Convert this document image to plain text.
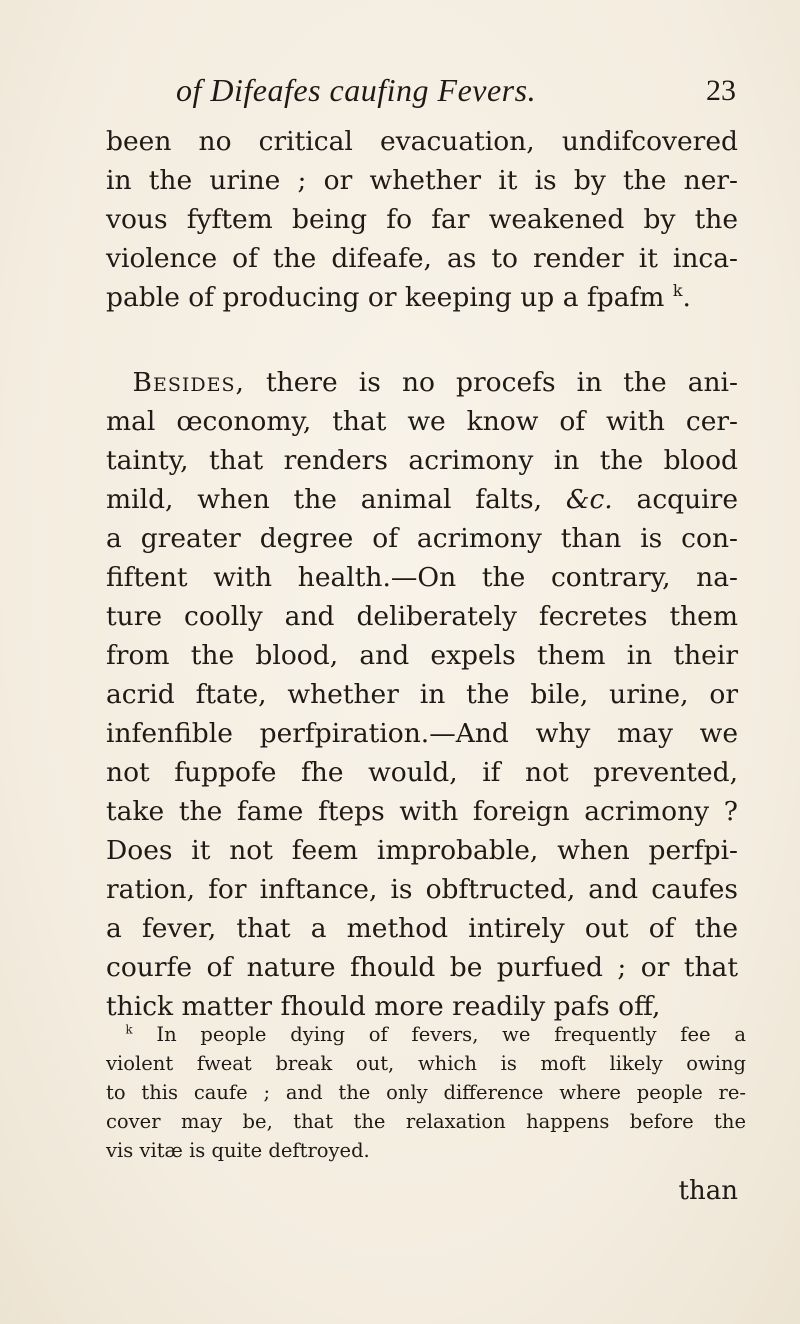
of Difeafes caufing Fevers.	23
been no critical evacuation, undifcovered
in the urine ; or whether it is by the ner-
vous fyftem being fo far weakened by the
violence of the difeafe, as to render it inca-
pable of producing or keeping up a fpafm $^k$.
 Besides, there is no procefs in the ani-
mal œconomy, that we know of with cer-
tainty, that renders acrimony in the blood
mild, when the animal falts, &c. acquire
a greater degree of acrimony than is con-
fiftent with health.—On the contrary, na-
ture coolly and deliberately fecretes them
from the blood, and expels them in their
acrid ftate, whether in the bile, urine, or
infenfible perfpiration.—And why may we
not fuppofe fhe would, if not prevented,
take the fame fteps with foreign acrimony ?
Does it not feem improbable, when perfpi-
ration, for inftance, is obftructed, and caufes
a fever, that a method intirely out of the
courfe of nature fhould be purfued ; or that
thick matter fhould more readily pafs off,
 $^k$ In people dying of fevers, we frequently fee a
violent fweat break out, which is moft likely owing
to this caufe ; and the only difference where people re-
cover may be, that the relaxation happens before the
vis vitæ is quite deftroyed.
than
